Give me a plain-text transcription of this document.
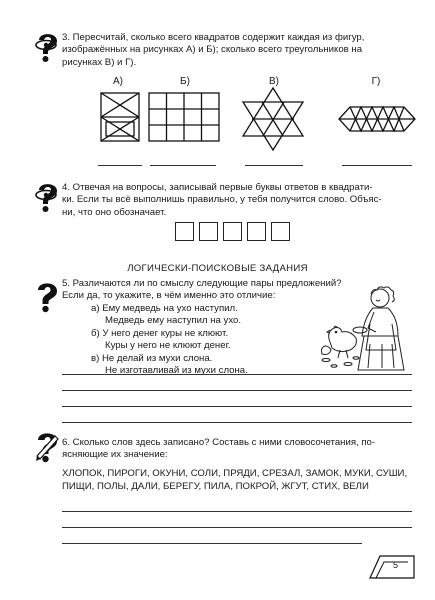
3. Пересчитай, сколько всего квадратов содержит каждая из фигур,
изображённых на рисунках А) и Б); сколько всего треугольников на
рисунках В) и Г).
А)	Б)	В)	Г)
4. Отвечая на вопросы, записывай первые буквы ответов в квадрати-
ки. Если ты всё выполнишь правильно, у тебя получится слово. Объяс-
ни, что оно обозначает.
ЛОГИЧЕСКИ-ПОИСКОВЫЕ ЗАДАНИЯ
5. Различаются ли по смыслу следующие пары предложений?
Если да, то укажите, в чём именно это отличие:
а) Ему медведь на ухо наступил.
Медведь ему наступил на ухо.
б) У него денег куры не клюют.
Куры у него не клюют денег.
в) Не делай из мухи слона.
Не изготавливай из мухи слона.
6. Сколько слов здесь записано? Составь с ними словосочетания, по-
ясняющие их значение:
ХЛОПОК, ПИРОГИ, ОКУНИ, СОЛИ, ПРЯДИ, СРЕЗАЛ, ЗАМОК, МУКИ, СУШИ, ПИЩИ, ПОЛЫ, ДАЛИ, БЕРЕГУ, ПИЛА, ПОКРОЙ, ЖГУТ, СТИХ, ВЕЛИ
5
